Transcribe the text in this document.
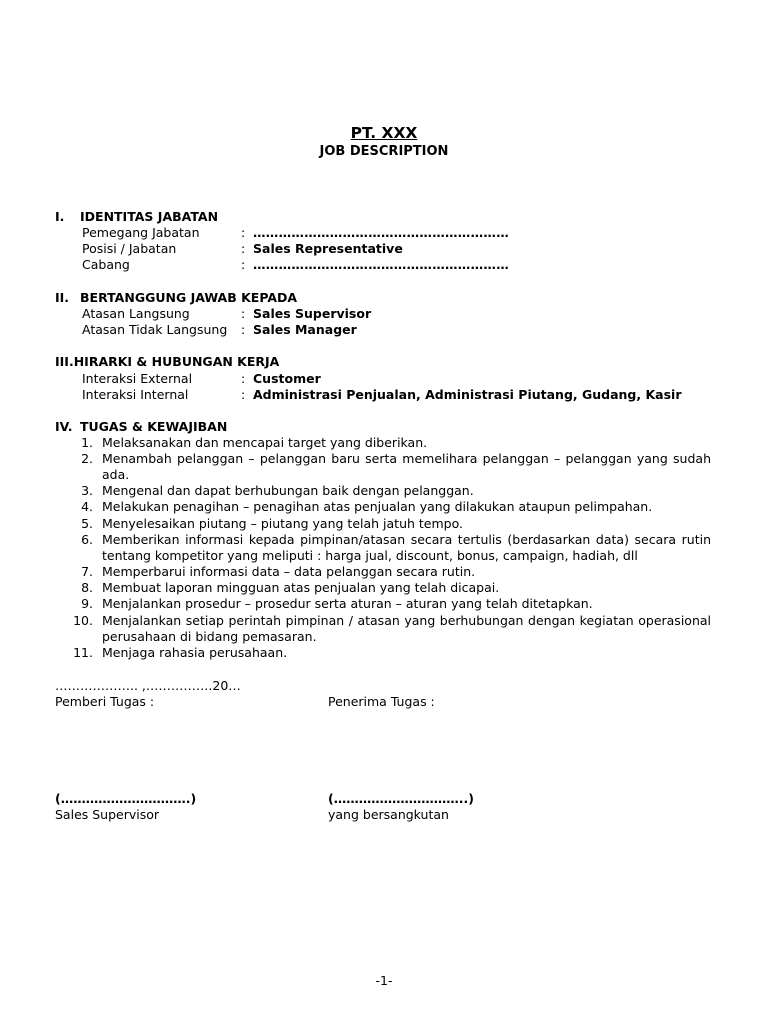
PT. XXX
JOB DESCRIPTION
I. IDENTITAS JABATAN
Pemegang Jabatan	: ……………………………………………………
Posisi / Jabatan	: Sales Representative
Cabang	: ……………………………………………………
II. BERTANGGUNG JAWAB KEPADA
Atasan Langsung	: Sales Supervisor
Atasan Tidak Langsung : Sales Manager
III.HIRARKI & HUBUNGAN KERJA
Interaksi External	: Customer
Interaksi Internal	: Administrasi Penjualan, Administrasi Piutang, Gudang, Kasir
IV. TUGAS & KEWAJIBAN
1. Melaksanakan dan mencapai target yang diberikan.
2. Menambah pelanggan – pelanggan baru serta memelihara pelanggan – pelanggan yang sudah
ada.
3. Mengenal dan dapat berhubungan baik dengan pelanggan.
4. Melakukan penagihan – penagihan atas penjualan yang dilakukan ataupun pelimpahan.
5. Menyelesaikan piutang – piutang yang telah jatuh tempo.
6. Memberikan informasi kepada pimpinan/atasan secara tertulis (berdasarkan data) secara rutin
tentang kompetitor yang meliputi : harga jual, discount, bonus, campaign, hadiah, dll
7. Memperbarui informasi data – data pelanggan secara rutin.
8. Membuat laporan mingguan atas penjualan yang telah dicapai.
9. Menjalankan prosedur – prosedur serta aturan – aturan yang telah ditetapkan.
10. Menjalankan setiap perintah pimpinan / atasan yang berhubungan dengan kegiatan operasional
perusahaan di bidang pemasaran.
11. Menjaga rahasia perusahaan.
……………….. ,…………….20…
Pemberi Tugas :	Penerima Tugas :
(………………………….)	(…………………………..)
Sales Supervisor	yang bersangkutan
-1-
